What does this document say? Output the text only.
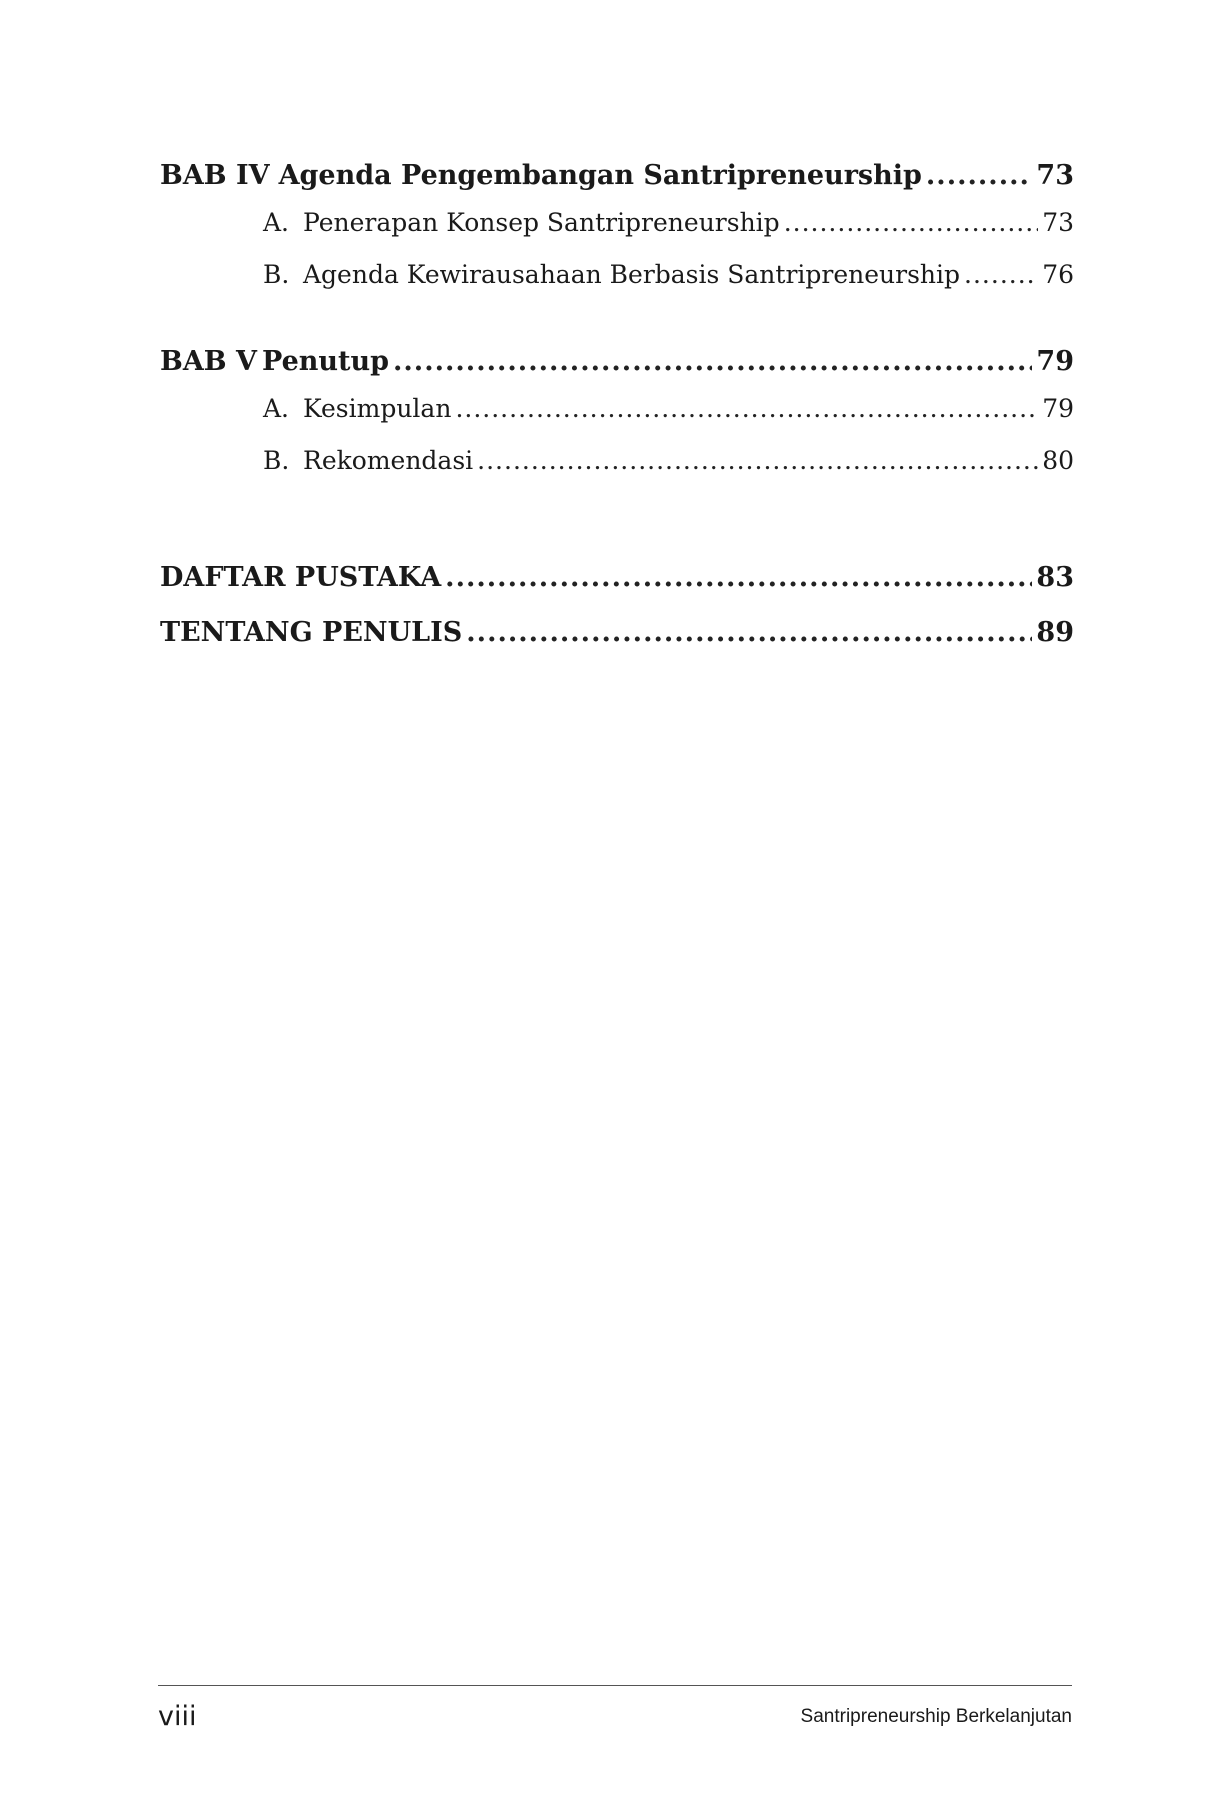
BAB IV Agenda Pengembangan Santripreneurship .....	73
A. Penerapan Konsep Santripreneurship .....	73
B. Agenda Kewirausahaan Berbasis Santripreneurship .....	76
BAB V Penutup .....	79
A. Kesimpulan .....	79
B. Rekomendasi .....	80
DAFTAR PUSTAKA .....	83
TENTANG PENULIS .....	89
viii	Santripreneurship Berkelanjutan
